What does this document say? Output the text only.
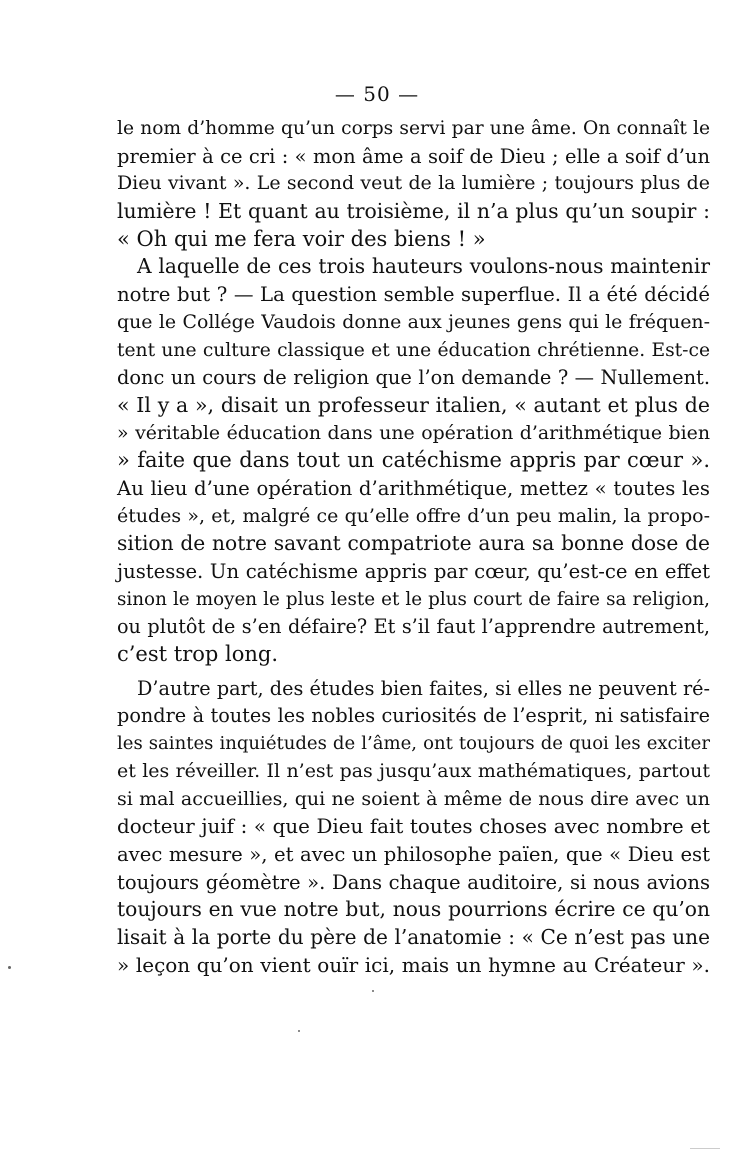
— 50 —
le nom d’homme qu’un corps servi par une âme. On connaît le
premier à ce cri : « mon âme a soif de Dieu ; elle a soif d’un
Dieu vivant ». Le second veut de la lumière ; toujours plus de
lumière ! Et quant au troisième, il n’a plus qu’un soupir :
« Oh qui me fera voir des biens ! »
A laquelle de ces trois hauteurs voulons-nous maintenir
notre but ? — La question semble superflue. Il a été décidé
que le Collége Vaudois donne aux jeunes gens qui le fréquen-
tent une culture classique et une éducation chrétienne. Est-ce
donc un cours de religion que l’on demande ? — Nullement.
« Il y a », disait un professeur italien, « autant et plus de
» véritable éducation dans une opération d’arithmétique bien
» faite que dans tout un catéchisme appris par cœur ».
Au lieu d’une opération d’arithmétique, mettez « toutes les
études », et, malgré ce qu’elle offre d’un peu malin, la propo-
sition de notre savant compatriote aura sa bonne dose de
justesse. Un catéchisme appris par cœur, qu’est-ce en effet
sinon le moyen le plus leste et le plus court de faire sa religion,
ou plutôt de s’en défaire? Et s’il faut l’apprendre autrement,
c’est trop long.
D’autre part, des études bien faites, si elles ne peuvent ré-
pondre à toutes les nobles curiosités de l’esprit, ni satisfaire
les saintes inquiétudes de l’âme, ont toujours de quoi les exciter
et les réveiller. Il n’est pas jusqu’aux mathématiques, partout
si mal accueillies, qui ne soient à même de nous dire avec un
docteur juif : « que Dieu fait toutes choses avec nombre et
avec mesure », et avec un philosophe païen, que « Dieu est
toujours géomètre ». Dans chaque auditoire, si nous avions
toujours en vue notre but, nous pourrions écrire ce qu’on
lisait à la porte du père de l’anatomie : « Ce n’est pas une
» leçon qu’on vient ouïr ici, mais un hymne au Créateur ».
